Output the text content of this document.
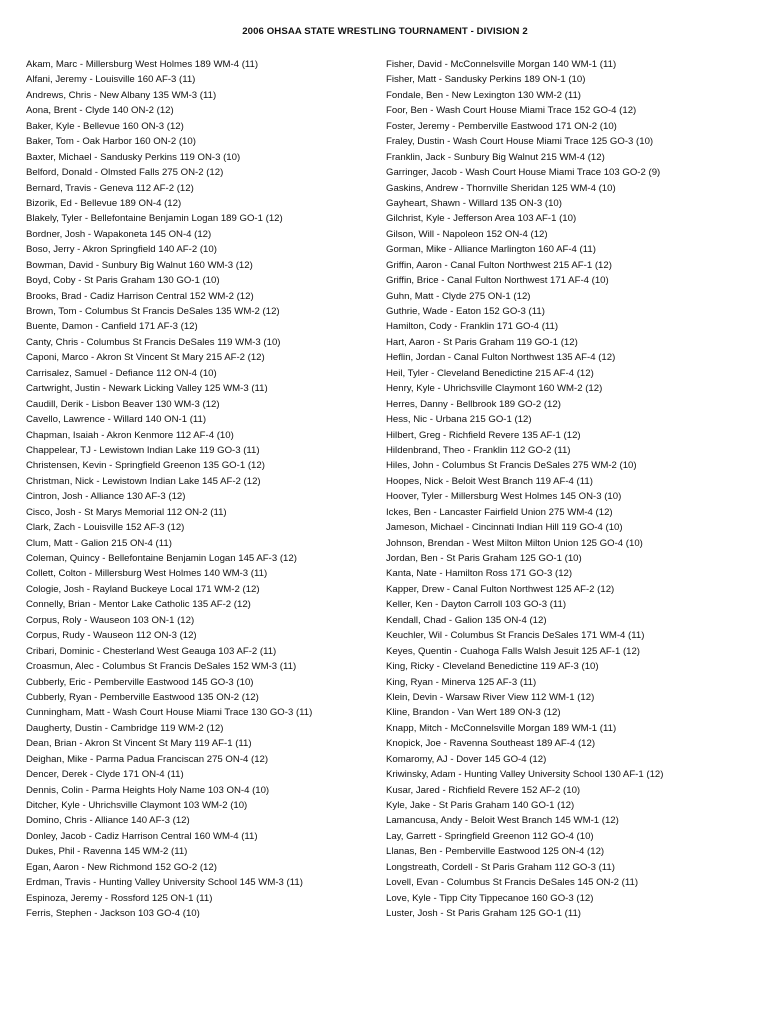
2006 OHSAA STATE WRESTLING TOURNAMENT - DIVISION 2
Akam, Marc - Millersburg West Holmes 189 WM-4 (11)
Alfani, Jeremy - Louisville 160 AF-3 (11)
Andrews, Chris - New Albany 135 WM-3 (11)
Aona, Brent - Clyde 140 ON-2 (12)
Baker, Kyle - Bellevue 160 ON-3 (12)
Baker, Tom - Oak Harbor 160 ON-2 (10)
Baxter, Michael - Sandusky Perkins 119 ON-3 (10)
Belford, Donald - Olmsted Falls 275 ON-2 (12)
Bernard, Travis - Geneva 112 AF-2 (12)
Bizorik, Ed - Bellevue 189 ON-4 (12)
Blakely, Tyler - Bellefontaine Benjamin Logan 189 GO-1 (12)
Bordner, Josh - Wapakoneta 145 ON-4 (12)
Boso, Jerry - Akron Springfield 140 AF-2 (10)
Bowman, David - Sunbury Big Walnut 160 WM-3 (12)
Boyd, Coby - St Paris Graham 130 GO-1 (10)
Brooks, Brad - Cadiz Harrison Central 152 WM-2 (12)
Brown, Tom - Columbus St Francis DeSales 135 WM-2 (12)
Buente, Damon - Canfield 171 AF-3 (12)
Canty, Chris - Columbus St Francis DeSales 119 WM-3 (10)
Caponi, Marco - Akron St Vincent St Mary 215 AF-2 (12)
Carrisalez, Samuel - Defiance 112 ON-4 (10)
Cartwright, Justin - Newark Licking Valley 125 WM-3 (11)
Caudill, Derik - Lisbon Beaver 130 WM-3 (12)
Cavello, Lawrence - Willard 140 ON-1 (11)
Chapman, Isaiah - Akron Kenmore 112 AF-4 (10)
Chappelear, TJ - Lewistown Indian Lake 119 GO-3 (11)
Christensen, Kevin - Springfield Greenon 135 GO-1 (12)
Christman, Nick - Lewistown Indian Lake 145 AF-2 (12)
Cintron, Josh - Alliance 130 AF-3 (12)
Cisco, Josh - St Marys Memorial 112 ON-2 (11)
Clark, Zach - Louisville 152 AF-3 (12)
Clum, Matt - Galion 215 ON-4 (11)
Coleman, Quincy - Bellefontaine Benjamin Logan 145 AF-3 (12)
Collett, Colton - Millersburg West Holmes 140 WM-3 (11)
Cologie, Josh - Rayland Buckeye Local 171 WM-2 (12)
Connelly, Brian - Mentor Lake Catholic 135 AF-2 (12)
Corpus, Roly - Wauseon 103 ON-1 (12)
Corpus, Rudy - Wauseon 112 ON-3 (12)
Cribari, Dominic - Chesterland West Geauga 103 AF-2 (11)
Croasmun, Alec - Columbus St Francis DeSales 152 WM-3 (11)
Cubberly, Eric - Pemberville Eastwood 145 GO-3 (10)
Cubberly, Ryan - Pemberville Eastwood 135 ON-2 (12)
Cunningham, Matt - Wash Court House Miami Trace 130 GO-3 (11)
Daugherty, Dustin - Cambridge 119 WM-2 (12)
Dean, Brian - Akron St Vincent St Mary 119 AF-1 (11)
Deighan, Mike - Parma Padua Franciscan 275 ON-4 (12)
Dencer, Derek - Clyde 171 ON-4 (11)
Dennis, Colin - Parma Heights Holy Name 103 ON-4 (10)
Ditcher, Kyle - Uhrichsville Claymont 103 WM-2 (10)
Domino, Chris - Alliance 140 AF-3 (12)
Donley, Jacob - Cadiz Harrison Central 160 WM-4 (11)
Dukes, Phil - Ravenna 145 WM-2 (11)
Egan, Aaron - New Richmond 152 GO-2 (12)
Erdman, Travis - Hunting Valley University School 145 WM-3 (11)
Espinoza, Jeremy - Rossford 125 ON-1 (11)
Ferris, Stephen - Jackson 103 GO-4 (10)
Fisher, David - McConnelsville Morgan 140 WM-1 (11)
Fisher, Matt - Sandusky Perkins 189 ON-1 (10)
Fondale, Ben - New Lexington 130 WM-2 (11)
Foor, Ben - Wash Court House Miami Trace 152 GO-4 (12)
Foster, Jeremy - Pemberville Eastwood 171 ON-2 (10)
Fraley, Dustin - Wash Court House Miami Trace 125 GO-3 (10)
Franklin, Jack - Sunbury Big Walnut 215 WM-4 (12)
Garringer, Jacob - Wash Court House Miami Trace 103 GO-2 (9)
Gaskins, Andrew - Thornville Sheridan 125 WM-4 (10)
Gayheart, Shawn - Willard 135 ON-3 (10)
Gilchrist, Kyle - Jefferson Area 103 AF-1 (10)
Gilson, Will - Napoleon 152 ON-4 (12)
Gorman, Mike - Alliance Marlington 160 AF-4 (11)
Griffin, Aaron - Canal Fulton Northwest 215 AF-1 (12)
Griffin, Brice - Canal Fulton Northwest 171 AF-4 (10)
Guhn, Matt - Clyde 275 ON-1 (12)
Guthrie, Wade - Eaton 152 GO-3 (11)
Hamilton, Cody - Franklin 171 GO-4 (11)
Hart, Aaron - St Paris Graham 119 GO-1 (12)
Heflin, Jordan - Canal Fulton Northwest 135 AF-4 (12)
Heil, Tyler - Cleveland Benedictine 215 AF-4 (12)
Henry, Kyle - Uhrichsville Claymont 160 WM-2 (12)
Herres, Danny - Bellbrook 189 GO-2 (12)
Hess, Nic - Urbana 215 GO-1 (12)
Hilbert, Greg - Richfield Revere 135 AF-1 (12)
Hildenbrand, Theo - Franklin 112 GO-2 (11)
Hiles, John - Columbus St Francis DeSales 275 WM-2 (10)
Hoopes, Nick - Beloit West Branch 119 AF-4 (11)
Hoover, Tyler - Millersburg West Holmes 145 ON-3 (10)
Ickes, Ben - Lancaster Fairfield Union 275 WM-4 (12)
Jameson, Michael - Cincinnati Indian Hill 119 GO-4 (10)
Johnson, Brendan - West Milton Milton Union 125 GO-4 (10)
Jordan, Ben - St Paris Graham 125 GO-1 (10)
Kanta, Nate - Hamilton Ross 171 GO-3 (12)
Kapper, Drew - Canal Fulton Northwest 125 AF-2 (12)
Keller, Ken - Dayton Carroll 103 GO-3 (11)
Kendall, Chad - Galion 135 ON-4 (12)
Keuchler, Wil - Columbus St Francis DeSales 171 WM-4 (11)
Keyes, Quentin - Cuahoga Falls Walsh Jesuit 125 AF-1 (12)
King, Ricky - Cleveland Benedictine 119 AF-3 (10)
King, Ryan - Minerva 125 AF-3 (11)
Klein, Devin - Warsaw River View 112 WM-1 (12)
Kline, Brandon - Van Wert 189 ON-3 (12)
Knapp, Mitch - McConnelsville Morgan 189 WM-1 (11)
Knopick, Joe - Ravenna Southeast 189 AF-4 (12)
Komaromy, AJ - Dover 145 GO-4 (12)
Kriwinsky, Adam - Hunting Valley University School 130 AF-1 (12)
Kusar, Jared - Richfield Revere 152 AF-2 (10)
Kyle, Jake - St Paris Graham 140 GO-1 (12)
Lamancusa, Andy - Beloit West Branch 145 WM-1 (12)
Lay, Garrett - Springfield Greenon 112 GO-4 (10)
Llanas, Ben - Pemberville Eastwood 125 ON-4 (12)
Longstreath, Cordell - St Paris Graham 112 GO-3 (11)
Lovell, Evan - Columbus St Francis DeSales 145 ON-2 (11)
Love, Kyle - Tipp City Tippecanoe 160 GO-3 (12)
Luster, Josh - St Paris Graham 125 GO-1 (11)
